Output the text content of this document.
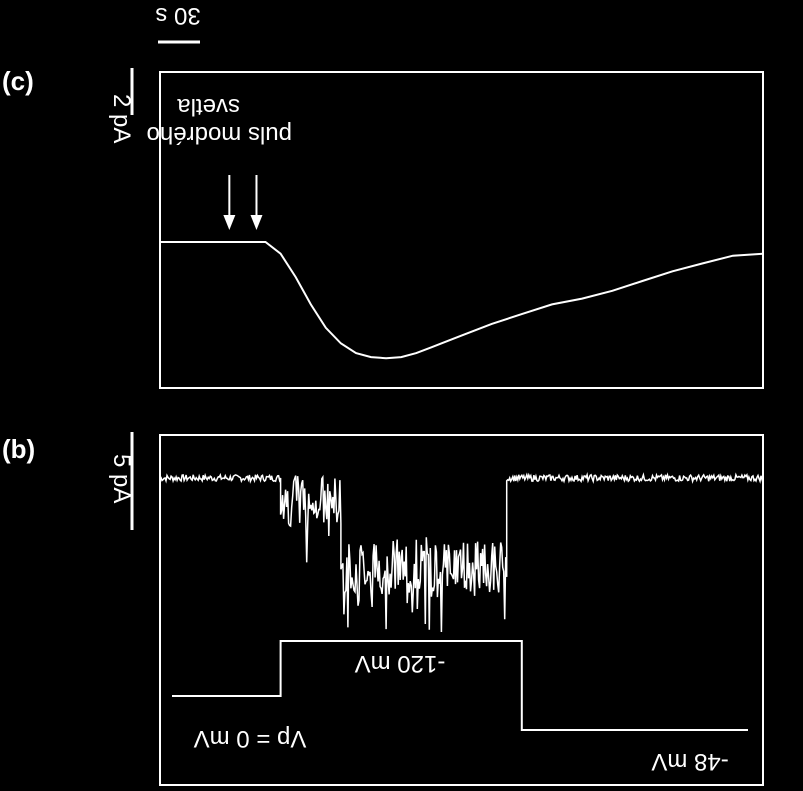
30 s
(c)
2 pA svetla
puls modrého
(b)
5 pA
-120 mV
Vp = 0 mV
-48 mV
